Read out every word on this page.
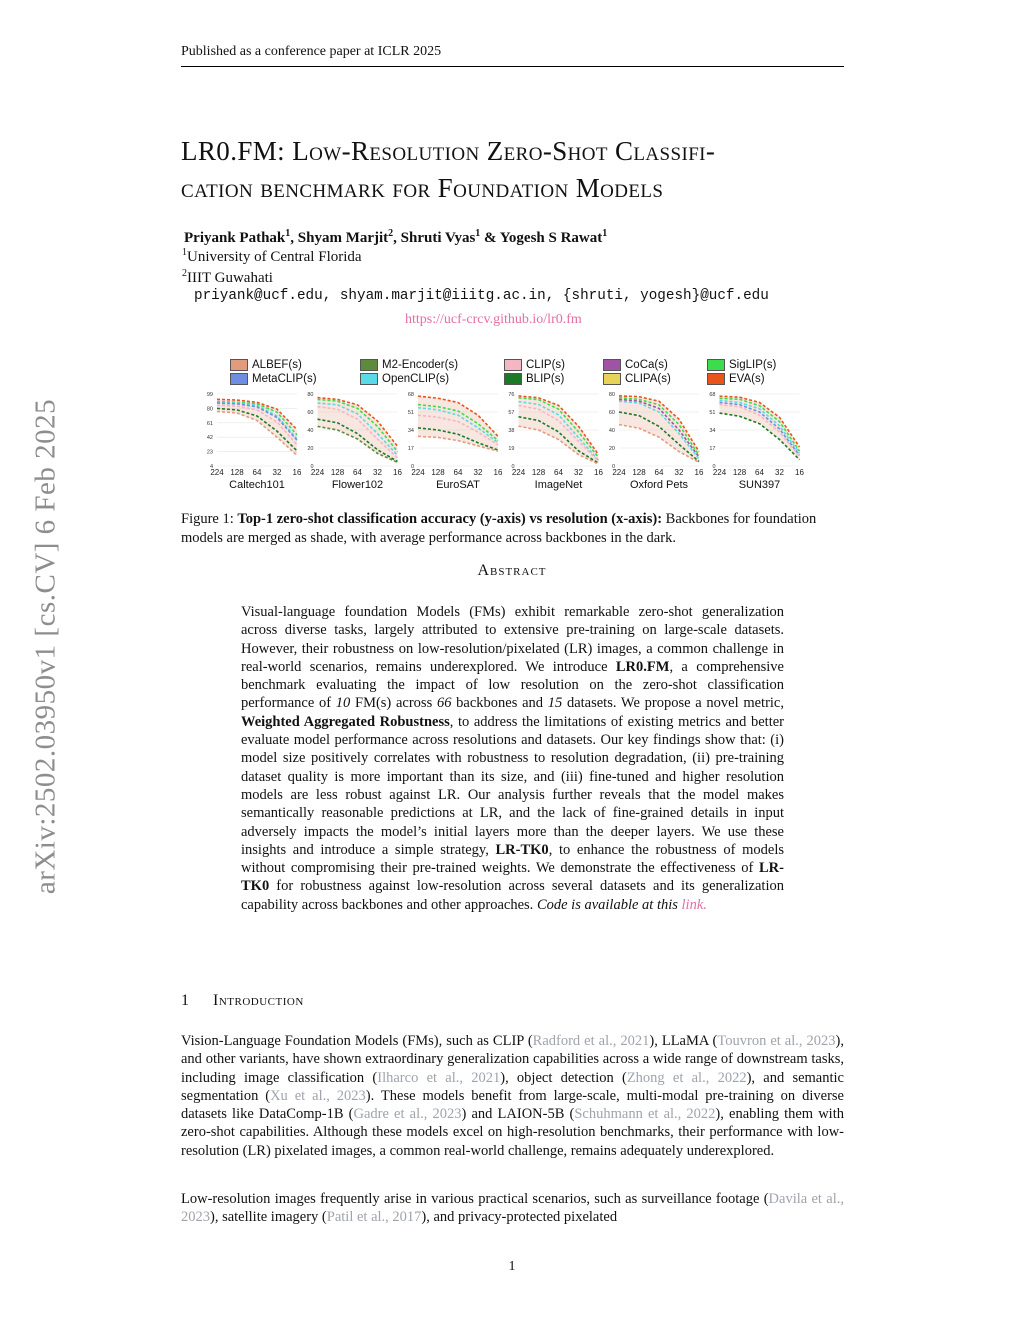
Published as a conference paper at ICLR 2025
arXiv:2502.03950v1 [cs.CV] 6 Feb 2025
LR0.FM: Low-Resolution Zero-Shot Classifi-
cation benchmark for Foundation Models
Priyank Pathak$^1$, Shyam Marjit$^2$, Shruti Vyas$^1$ & Yogesh S Rawat$^1$
$^1$University of Central Florida
$^2$IIIT Guwahati
priyank@ucf.edu, shyam.marjit@iiitg.ac.in, {shruti, yogesh}@ucf.edu
https://ucf-crcv.github.io/lr0.fm
ALBEF(s)
MetaCLIP(s)
M2-Encoder(s)
OpenCLIP(s)
CLIP(s)
BLIP(s)
CoCa(s)
CLIPA(s)
SigLIP(s)
EVA(s)
99
80
61
42
23
4
224 128 64 32 16
Caltech101
80
60
40
20
0
224 128 64 32 16
Flower102
68
51
34
17
0
224 128 64 32 16
EuroSAT
76
57
38
19
0
224 128 64 32 16
ImageNet
80
60
40
20
0
224 128 64 32 16
Oxford Pets
68
51
34
17
0
224 128 64 32 16
SUN397
Figure 1: Top-1 zero-shot classification accuracy (y-axis) vs resolution (x-axis): Backbones for foundation models are merged as shade, with average performance across backbones in the dark.
Abstract
Visual-language foundation Models (FMs) exhibit remarkable zero-shot generalization across diverse tasks, largely attributed to extensive pre-training on large-scale datasets. However, their robustness on low-resolution/pixelated (LR) images, a common challenge in real-world scenarios, remains underexplored. We introduce LR0.FM, a comprehensive benchmark evaluating the impact of low resolution on the zero-shot classification performance of 10 FM(s) across 66 backbones and 15 datasets. We propose a novel metric, Weighted Aggregated Robustness, to address the limitations of existing metrics and better evaluate model performance across resolutions and datasets. Our key findings show that: (i) model size positively correlates with robustness to resolution degradation, (ii) pre-training dataset quality is more important than its size, and (iii) fine-tuned and higher resolution models are less robust against LR. Our analysis further reveals that the model makes semantically reasonable predictions at LR, and the lack of fine-grained details in input adversely impacts the model’s initial layers more than the deeper layers. We use these insights and introduce a simple strategy, LR-TK0, to enhance the robustness of models without compromising their pre-trained weights. We demonstrate the effectiveness of LR-TK0 for robustness against low-resolution across several datasets and its generalization capability across backbones and other approaches. Code is available at this link.
1 Introduction
Vision-Language Foundation Models (FMs), such as CLIP (Radford et al., 2021), LLaMA (Touvron et al., 2023), and other variants, have shown extraordinary generalization capabilities across a wide range of downstream tasks, including image classification (Ilharco et al., 2021), object detection (Zhong et al., 2022), and semantic segmentation (Xu et al., 2023). These models benefit from large-scale, multi-modal pre-training on diverse datasets like DataComp-1B (Gadre et al., 2023) and LAION-5B (Schuhmann et al., 2022), enabling them with zero-shot capabilities. Although these models excel on high-resolution benchmarks, their performance with low-resolution (LR) pixelated images, a common real-world challenge, remains adequately underexplored.
Low-resolution images frequently arise in various practical scenarios, such as surveillance footage (Davila et al., 2023), satellite imagery (Patil et al., 2017), and privacy-protected pixelated
1
